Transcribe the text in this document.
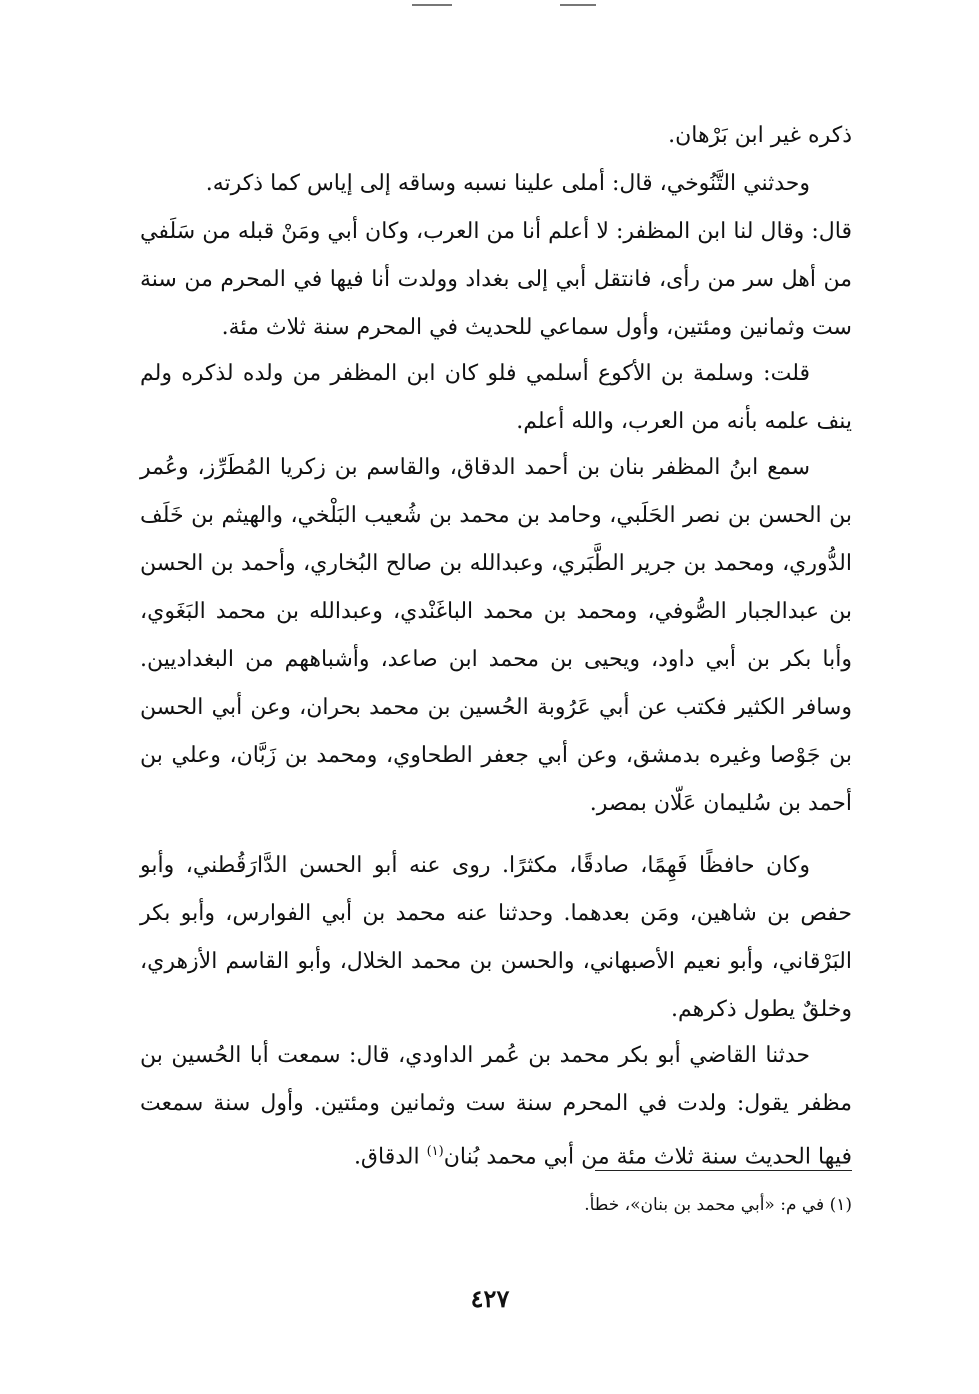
ذكره غير ابن بَرْهان.

وحدثني التَّنُوخي، قال: أملى علينا نسبه وساقه إلى إياس كما ذكرته.

قال: وقال لنا ابن المظفر: لا أعلم أنا من العرب، وكان أبي ومَنْ قبله من سَلَفي من أهل سر من رأى، فانتقل أبي إلى بغداد وولدت أنا فيها في المحرم من سنة ست وثمانين ومئتين، وأول سماعي للحديث في المحرم سنة ثلاث مئة.

قلت: وسلمة بن الأكوع أسلمي فلو كان ابن المظفر من ولده لذكره ولم ينف علمه بأنه من العرب، والله أعلم.

سمع ابنُ المظفر بنان بن أحمد الدقاق، والقاسم بن زكريا المُطَرِّز، وعُمر بن الحسن بن نصر الحَلَبي، وحامد بن محمد بن شُعيب البَلْخي، والهيثم بن خَلَف الدُّوري، ومحمد بن جرير الطَّبَري، وعبدالله بن صالح البُخاري، وأحمد بن الحسن بن عبدالجبار الصُّوفي، ومحمد بن محمد الباغَنْدي، وعبدالله بن محمد البَغَوي، وأبا بكر بن أبي داود، ويحيى بن محمد ابن صاعد، وأشباههم من البغداديين. وسافر الكثير فكتب عن أبي عَرُوبة الحُسين بن محمد بحران، وعن أبي الحسن بن جَوْصا وغيره بدمشق، وعن أبي جعفر الطحاوي، ومحمد بن زَبَّان، وعلي بن أحمد بن سُليمان عَلّان بمصر.

وكان حافظًا فَهِمًا، صادقًا، مكثرًا. روى عنه أبو الحسن الدَّارَقُطني، وأبو حفص بن شاهين، ومَن بعدهما. وحدثنا عنه محمد بن أبي الفوارس، وأبو بكر البَرْقاني، وأبو نعيم الأصبهاني، والحسن بن محمد الخلال، وأبو القاسم الأزهري، وخلقٌ يطول ذكرهم.

حدثنا القاضي أبو بكر محمد بن عُمر الداودي، قال: سمعت أبا الحُسين بن مظفر يقول: ولدت في المحرم سنة ست وثمانين ومئتين. وأول سنة سمعت فيها الحديث سنة ثلاث مئة من أبي محمد بُنان$^{(١)}$ الدقاق.

(١) في م: «أبي محمد بن بنان»، خطأ.

٤٢٧
